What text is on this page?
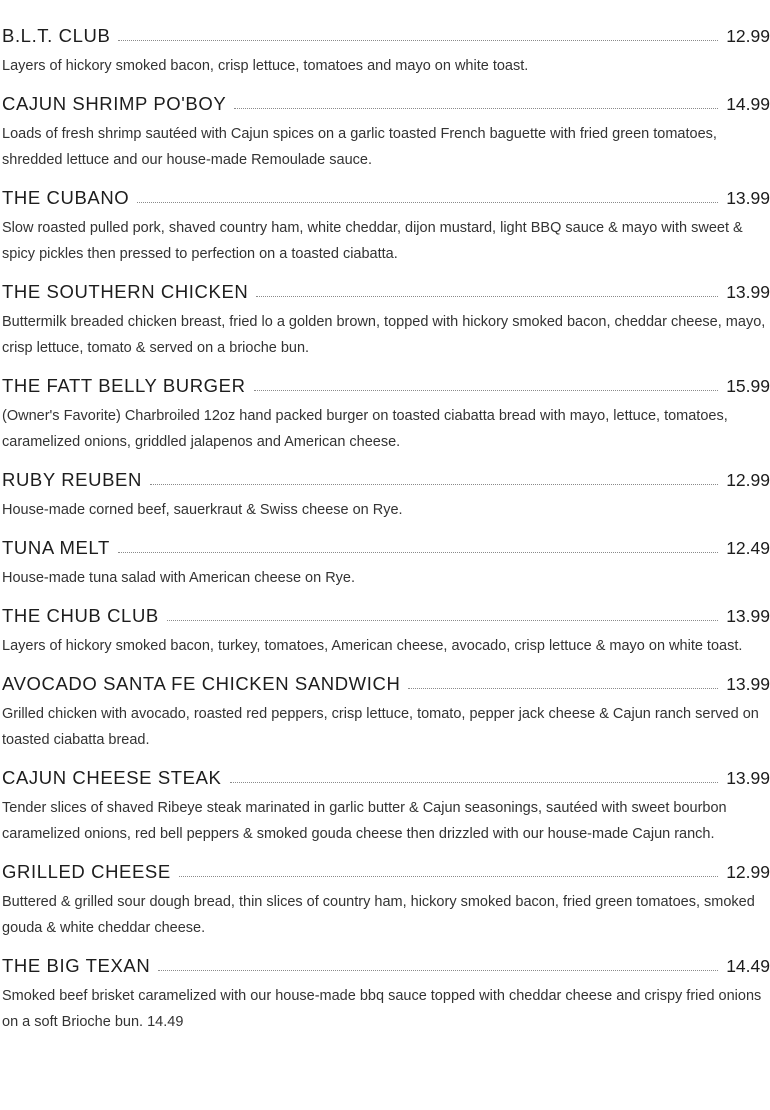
B.L.T. CLUB	12.99
Layers of hickory smoked bacon, crisp lettuce, tomatoes and mayo on white toast.
CAJUN SHRIMP PO'BOY	14.99
Loads of fresh shrimp sautéed with Cajun spices on a garlic toasted French baguette with fried green tomatoes, shredded lettuce and our house-made Remoulade sauce.
THE CUBANO	13.99
Slow roasted pulled pork, shaved country ham, white cheddar, dijon mustard, light BBQ sauce & mayo with sweet & spicy pickles then pressed to perfection on a toasted ciabatta.
THE SOUTHERN CHICKEN	13.99
Buttermilk breaded chicken breast, fried lo a golden brown, topped with hickory smoked bacon, cheddar cheese, mayo, crisp lettuce, tomato & served on a brioche bun.
THE FATT BELLY BURGER	15.99
(Owner's Favorite) Charbroiled 12oz hand packed burger on toasted ciabatta bread with mayo, lettuce, tomatoes, caramelized onions, griddled jalapenos and American cheese.
RUBY REUBEN	12.99
House-made corned beef, sauerkraut & Swiss cheese on Rye.
TUNA MELT	12.49
House-made tuna salad with American cheese on Rye.
THE CHUB CLUB	13.99
Layers of hickory smoked bacon, turkey, tomatoes, American cheese, avocado, crisp lettuce & mayo on white toast.
AVOCADO SANTA FE CHICKEN SANDWICH	13.99
Grilled chicken with avocado, roasted red peppers, crisp lettuce, tomato, pepper jack cheese & Cajun ranch served on toasted ciabatta bread.
CAJUN CHEESE STEAK	13.99
Tender slices of shaved Ribeye steak marinated in garlic butter & Cajun seasonings, sautéed with sweet bourbon caramelized onions, red bell peppers & smoked gouda cheese then drizzled with our house-made Cajun ranch.
GRILLED CHEESE	12.99
Buttered & grilled sour dough bread, thin slices of country ham, hickory smoked bacon, fried green tomatoes, smoked gouda & white cheddar cheese.
THE BIG TEXAN	14.49
Smoked beef brisket caramelized with our house-made bbq sauce topped with cheddar cheese and crispy fried onions on a soft Brioche bun. 14.49
